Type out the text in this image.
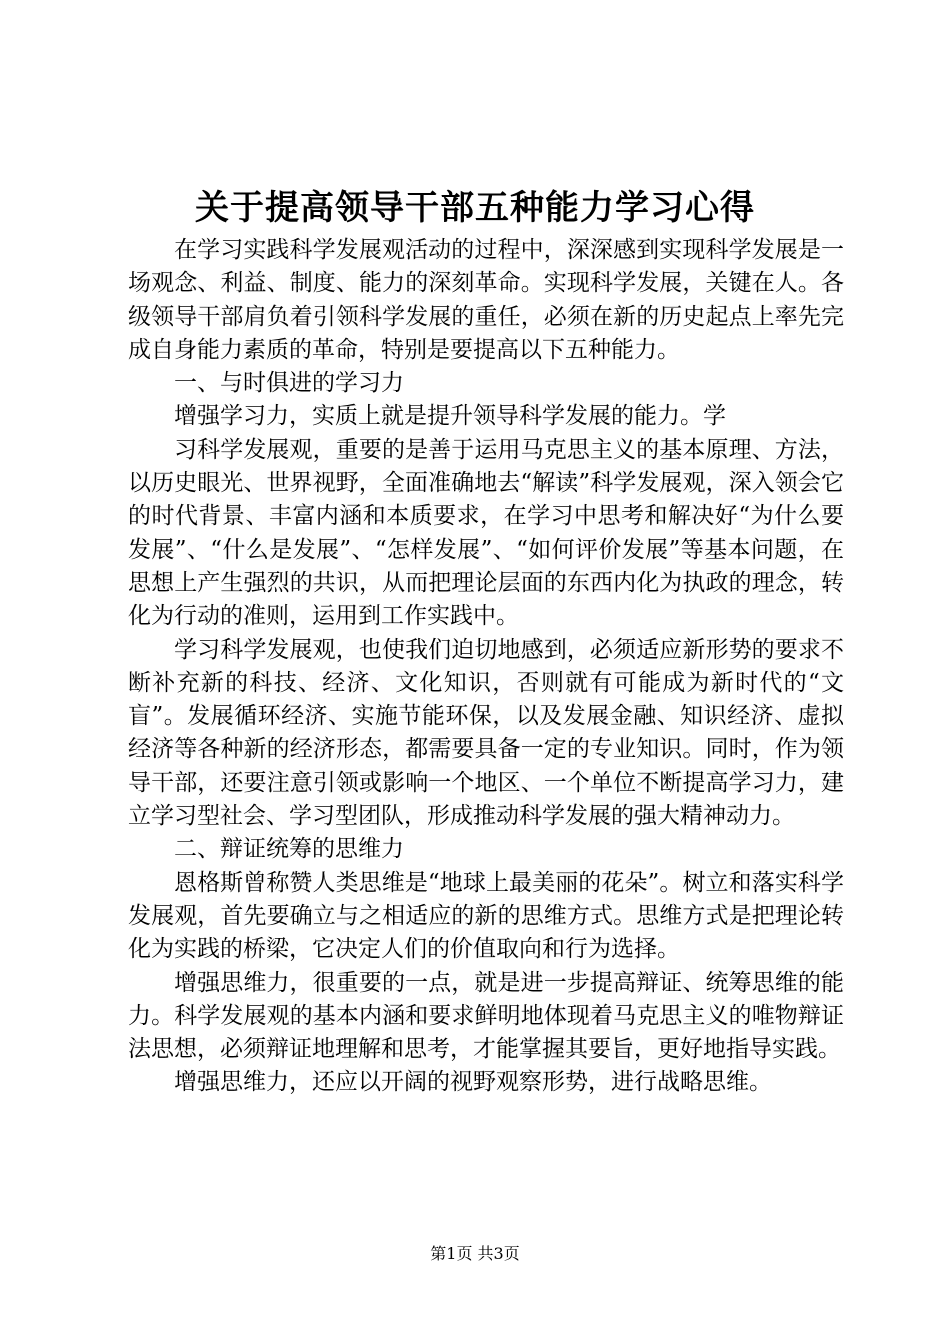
关于提高领导干部五种能力学习心得

在学习实践科学发展观活动的过程中，深深感到实现科学发展是一场观念、利益、制度、能力的深刻革命。实现科学发展，关键在人。各级领导干部肩负着引领科学发展的重任，必须在新的历史起点上率先完成自身能力素质的革命，特别是要提高以下五种能力。

一、与时俱进的学习力

增强学习力，实质上就是提升领导科学发展的能力。学

习科学发展观，重要的是善于运用马克思主义的基本原理、方法，以历史眼光、世界视野，全面准确地去“解读”科学发展观，深入领会它的时代背景、丰富内涵和本质要求，在学习中思考和解决好“为什么要发展”、“什么是发展”、“怎样发展”、“如何评价发展”等基本问题，在思想上产生强烈的共识，从而把理论层面的东西内化为执政的理念，转化为行动的准则，运用到工作实践中。

学习科学发展观，也使我们迫切地感到，必须适应新形势的要求不断补充新的科技、经济、文化知识，否则就有可能成为新时代的“文盲”。发展循环经济、实施节能环保，以及发展金融、知识经济、虚拟经济等各种新的经济形态，都需要具备一定的专业知识。同时，作为领导干部，还要注意引领或影响一个地区、一个单位不断提高学习力，建立学习型社会、学习型团队，形成推动科学发展的强大精神动力。

二、辩证统筹的思维力

恩格斯曾称赞人类思维是“地球上最美丽的花朵”。树立和落实科学发展观，首先要确立与之相适应的新的思维方式。思维方式是把理论转化为实践的桥梁，它决定人们的价值取向和行为选择。

增强思维力，很重要的一点，就是进一步提高辩证、统筹思维的能力。科学发展观的基本内涵和要求鲜明地体现着马克思主义的唯物辩证法思想，必须辩证地理解和思考，才能掌握其要旨，更好地指导实践。

增强思维力，还应以开阔的视野观察形势，进行战略思维。

第1页 共3页
